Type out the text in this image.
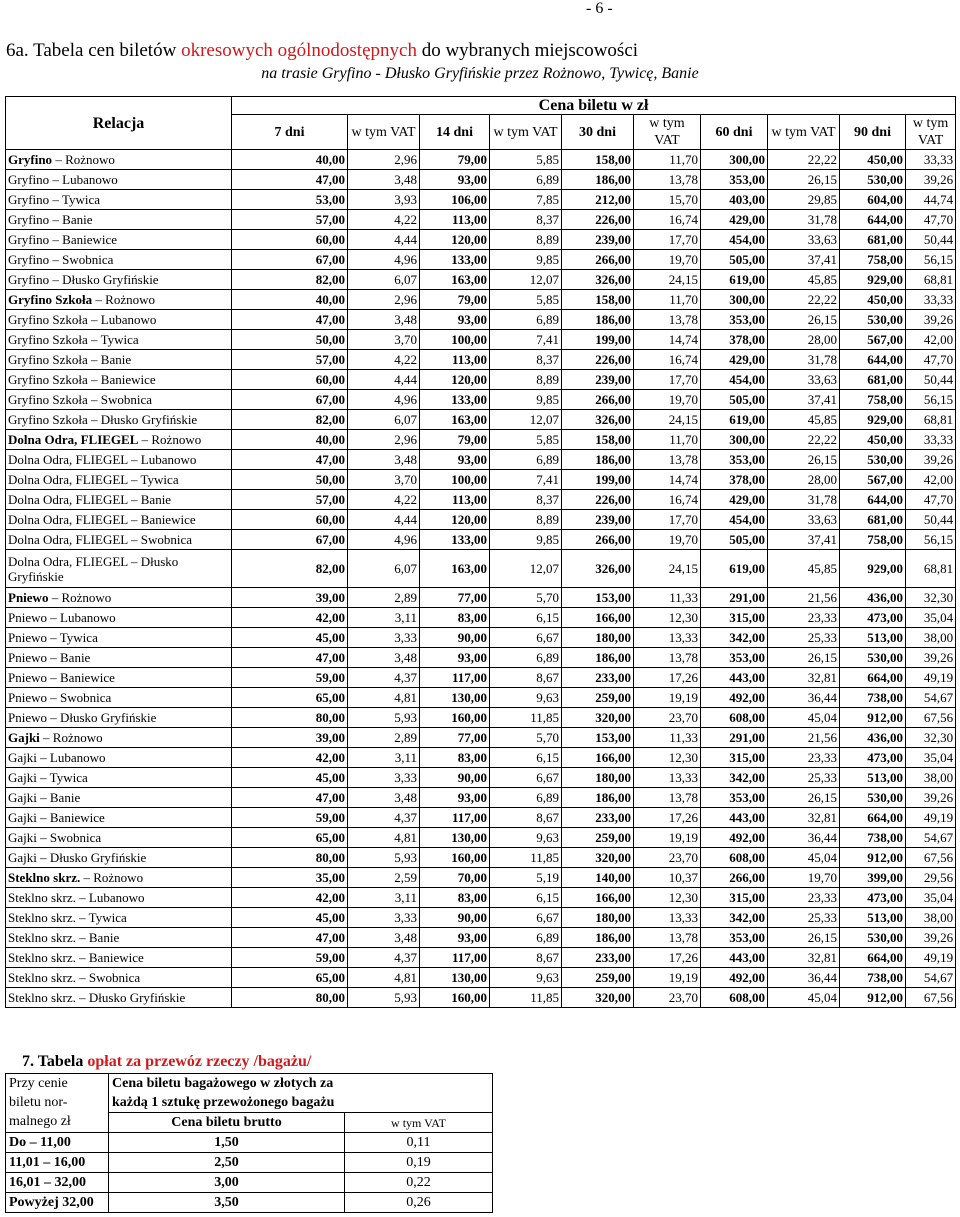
- 6 -
6a. Tabela cen biletów okresowych ogólnodostępnych do wybranych miejscowości
na trasie Gryfino - Dłusko Gryfińskie przez Rożnowo, Tywicę, Banie
Relacja	Cena biletu w zł									
	7 dni	w tym VAT	14 dni	w tym VAT	30 dni	w tym VAT	60 dni	w tym VAT	90 dni	w tym VAT
Gryfino – Rożnowo	40,00	2,96	79,00	5,85	158,00	11,70	300,00	22,22	450,00	33,33
Gryfino – Lubanowo	47,00	3,48	93,00	6,89	186,00	13,78	353,00	26,15	530,00	39,26
Gryfino – Tywica	53,00	3,93	106,00	7,85	212,00	15,70	403,00	29,85	604,00	44,74
Gryfino – Banie	57,00	4,22	113,00	8,37	226,00	16,74	429,00	31,78	644,00	47,70
Gryfino – Baniewice	60,00	4,44	120,00	8,89	239,00	17,70	454,00	33,63	681,00	50,44
Gryfino – Swobnica	67,00	4,96	133,00	9,85	266,00	19,70	505,00	37,41	758,00	56,15
Gryfino – Dłusko Gryfińskie	82,00	6,07	163,00	12,07	326,00	24,15	619,00	45,85	929,00	68,81
Gryfino Szkoła – Rożnowo	40,00	2,96	79,00	5,85	158,00	11,70	300,00	22,22	450,00	33,33
Gryfino Szkoła – Lubanowo	47,00	3,48	93,00	6,89	186,00	13,78	353,00	26,15	530,00	39,26
Gryfino Szkoła – Tywica	50,00	3,70	100,00	7,41	199,00	14,74	378,00	28,00	567,00	42,00
Gryfino Szkoła – Banie	57,00	4,22	113,00	8,37	226,00	16,74	429,00	31,78	644,00	47,70
Gryfino Szkoła – Baniewice	60,00	4,44	120,00	8,89	239,00	17,70	454,00	33,63	681,00	50,44
Gryfino Szkoła – Swobnica	67,00	4,96	133,00	9,85	266,00	19,70	505,00	37,41	758,00	56,15
Gryfino Szkoła – Dłusko Gryfińskie	82,00	6,07	163,00	12,07	326,00	24,15	619,00	45,85	929,00	68,81
Dolna Odra, FLIEGEL – Rożnowo	40,00	2,96	79,00	5,85	158,00	11,70	300,00	22,22	450,00	33,33
Dolna Odra, FLIEGEL – Lubanowo	47,00	3,48	93,00	6,89	186,00	13,78	353,00	26,15	530,00	39,26
Dolna Odra, FLIEGEL – Tywica	50,00	3,70	100,00	7,41	199,00	14,74	378,00	28,00	567,00	42,00
Dolna Odra, FLIEGEL – Banie	57,00	4,22	113,00	8,37	226,00	16,74	429,00	31,78	644,00	47,70
Dolna Odra, FLIEGEL – Baniewice	60,00	4,44	120,00	8,89	239,00	17,70	454,00	33,63	681,00	50,44
Dolna Odra, FLIEGEL – Swobnica	67,00	4,96	133,00	9,85	266,00	19,70	505,00	37,41	758,00	56,15
Dolna Odra, FLIEGEL – Dłusko Gryfińskie	82,00	6,07	163,00	12,07	326,00	24,15	619,00	45,85	929,00	68,81
Pniewo – Rożnowo	39,00	2,89	77,00	5,70	153,00	11,33	291,00	21,56	436,00	32,30
Pniewo – Lubanowo	42,00	3,11	83,00	6,15	166,00	12,30	315,00	23,33	473,00	35,04
Pniewo – Tywica	45,00	3,33	90,00	6,67	180,00	13,33	342,00	25,33	513,00	38,00
Pniewo – Banie	47,00	3,48	93,00	6,89	186,00	13,78	353,00	26,15	530,00	39,26
Pniewo – Baniewice	59,00	4,37	117,00	8,67	233,00	17,26	443,00	32,81	664,00	49,19
Pniewo – Swobnica	65,00	4,81	130,00	9,63	259,00	19,19	492,00	36,44	738,00	54,67
Pniewo – Dłusko Gryfińskie	80,00	5,93	160,00	11,85	320,00	23,70	608,00	45,04	912,00	67,56
Gajki – Rożnowo	39,00	2,89	77,00	5,70	153,00	11,33	291,00	21,56	436,00	32,30
Gajki – Lubanowo	42,00	3,11	83,00	6,15	166,00	12,30	315,00	23,33	473,00	35,04
Gajki – Tywica	45,00	3,33	90,00	6,67	180,00	13,33	342,00	25,33	513,00	38,00
Gajki – Banie	47,00	3,48	93,00	6,89	186,00	13,78	353,00	26,15	530,00	39,26
Gajki – Baniewice	59,00	4,37	117,00	8,67	233,00	17,26	443,00	32,81	664,00	49,19
Gajki – Swobnica	65,00	4,81	130,00	9,63	259,00	19,19	492,00	36,44	738,00	54,67
Gajki – Dłusko Gryfińskie	80,00	5,93	160,00	11,85	320,00	23,70	608,00	45,04	912,00	67,56
Steklno skrz. – Rożnowo	35,00	2,59	70,00	5,19	140,00	10,37	266,00	19,70	399,00	29,56
Steklno skrz. – Lubanowo	42,00	3,11	83,00	6,15	166,00	12,30	315,00	23,33	473,00	35,04
Steklno skrz. – Tywica	45,00	3,33	90,00	6,67	180,00	13,33	342,00	25,33	513,00	38,00
Steklno skrz. – Banie	47,00	3,48	93,00	6,89	186,00	13,78	353,00	26,15	530,00	39,26
Steklno skrz. – Baniewice	59,00	4,37	117,00	8,67	233,00	17,26	443,00	32,81	664,00	49,19
Steklno skrz. – Swobnica	65,00	4,81	130,00	9,63	259,00	19,19	492,00	36,44	738,00	54,67
Steklno skrz. – Dłusko Gryfińskie	80,00	5,93	160,00	11,85	320,00	23,70	608,00	45,04	912,00	67,56
7. Tabela opłat za przewóz rzeczy /bagażu/
Przy cenie	Cena biletu bagażowego w złotych za	
biletu nor-	każdą 1 sztukę przewożonego bagażu	
malnego zł	Cena biletu brutto	w tym VAT
Do – 11,00	1,50	0,11
11,01 – 16,00	2,50	0,19
16,01 – 32,00	3,00	0,22
Powyżej 32,00	3,50	0,26
